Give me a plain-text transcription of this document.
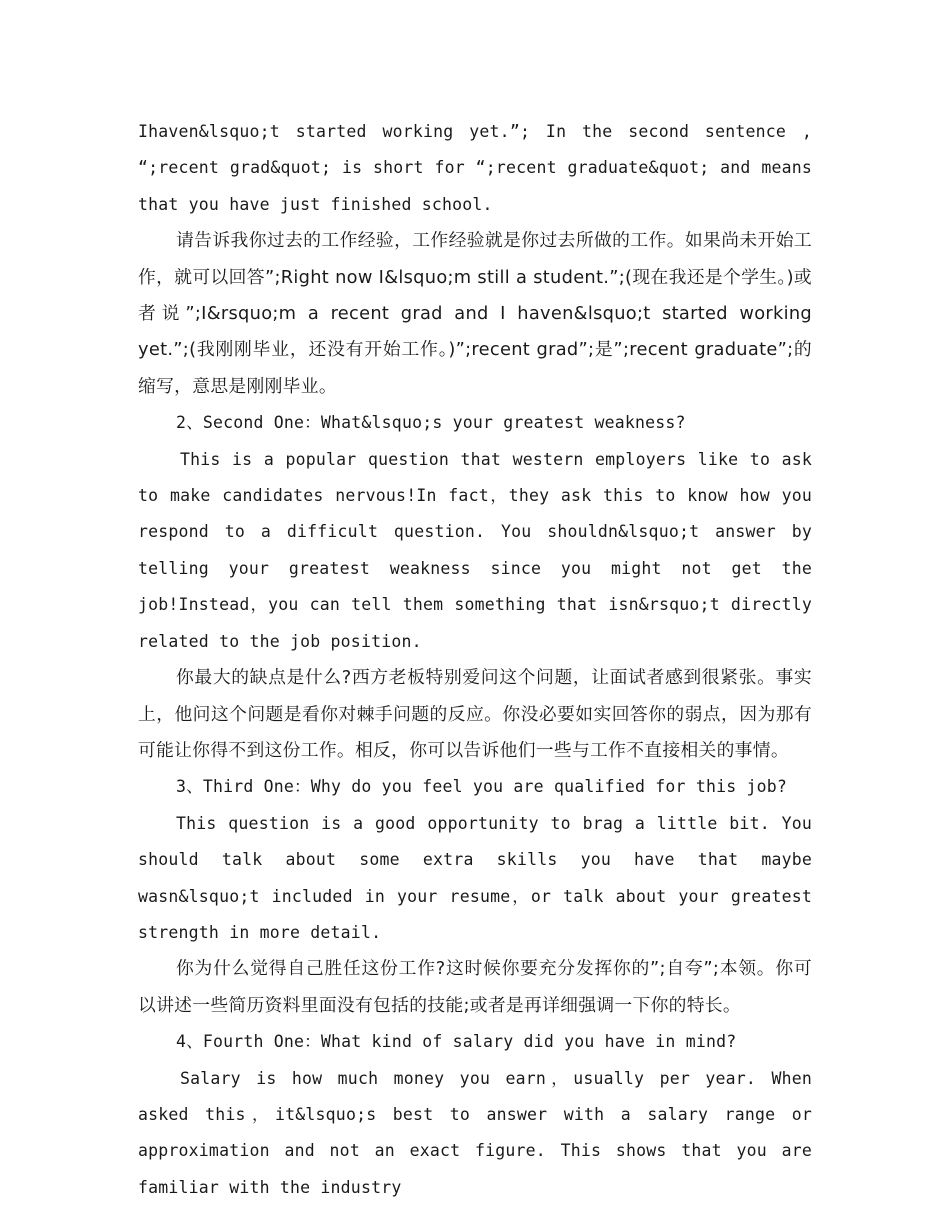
Ihaven&lsquo;t started working yet.”; In the second sentence , “;recent grad&quot; is short for “;recent graduate&quot; and means that you have just finished school.

请告诉我你过去的工作经验，工作经验就是你过去所做的工作。如果尚未开始工作，就可以回答”;Right now I&lsquo;m still a student.”;(现在我还是个学生。)或者说”;I&rsquo;m a recent grad and I haven&lsquo;t started working yet.”;(我刚刚毕业，还没有开始工作。)”;recent grad”;是”;recent graduate”;的缩写，意思是刚刚毕业。

2、Second One：What&lsquo;s your greatest weakness?

This is a popular question that western employers like to ask to make candidates nervous!In fact，they ask this to know how you respond to a difficult question. You shouldn&lsquo;t answer by telling your greatest weakness since you might not get the job!Instead，you can tell them something that isn&rsquo;t directly related to the job position.

你最大的缺点是什么?西方老板特别爱问这个问题，让面试者感到很紧张。事实上，他问这个问题是看你对棘手问题的反应。你没必要如实回答你的弱点，因为那有可能让你得不到这份工作。相反，你可以告诉他们一些与工作不直接相关的事情。

3、Third One：Why do you feel you are qualified for this job?

This question is a good opportunity to brag a little bit. You should talk about some extra skills you have that maybe wasn&lsquo;t included in your resume，or talk about your greatest strength in more detail.

你为什么觉得自己胜任这份工作?这时候你要充分发挥你的”;自夸”;本领。你可以讲述一些简历资料里面没有包括的技能;或者是再详细强调一下你的特长。

4、Fourth One：What kind of salary did you have in mind?

Salary is how much money you earn，usually per year. When asked this，it&lsquo;s best to answer with a salary range or approximation and not an exact figure. This shows that you are familiar with the industry
